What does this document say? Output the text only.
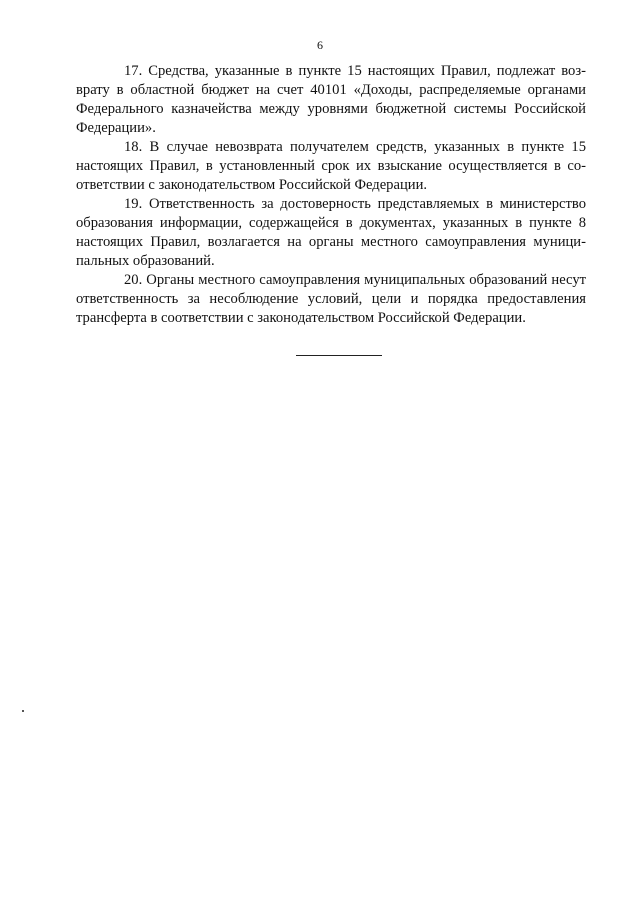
6

17. Средства, указанные в пункте 15 настоящих Правил, подлежат возврату в областной бюджет на счет 40101 «Доходы, распределяемые органами Федерального казначейства между уровнями бюджетной системы Российской Федерации».

18. В случае невозврата получателем средств, указанных в пункте 15 настоящих Правил, в установленный срок их взыскание осуществляется в соответствии с законодательством Российской Федерации.

19. Ответственность за достоверность представляемых в министерство образования информации, содержащейся в документах, указанных в пункте 8 настоящих Правил, возлагается на органы местного самоуправления муниципальных образований.

20. Органы местного самоуправления муниципальных образований несут ответственность за несоблюдение условий, цели и порядка предоставления трансферта в соответствии с законодательством Российской Федерации.
